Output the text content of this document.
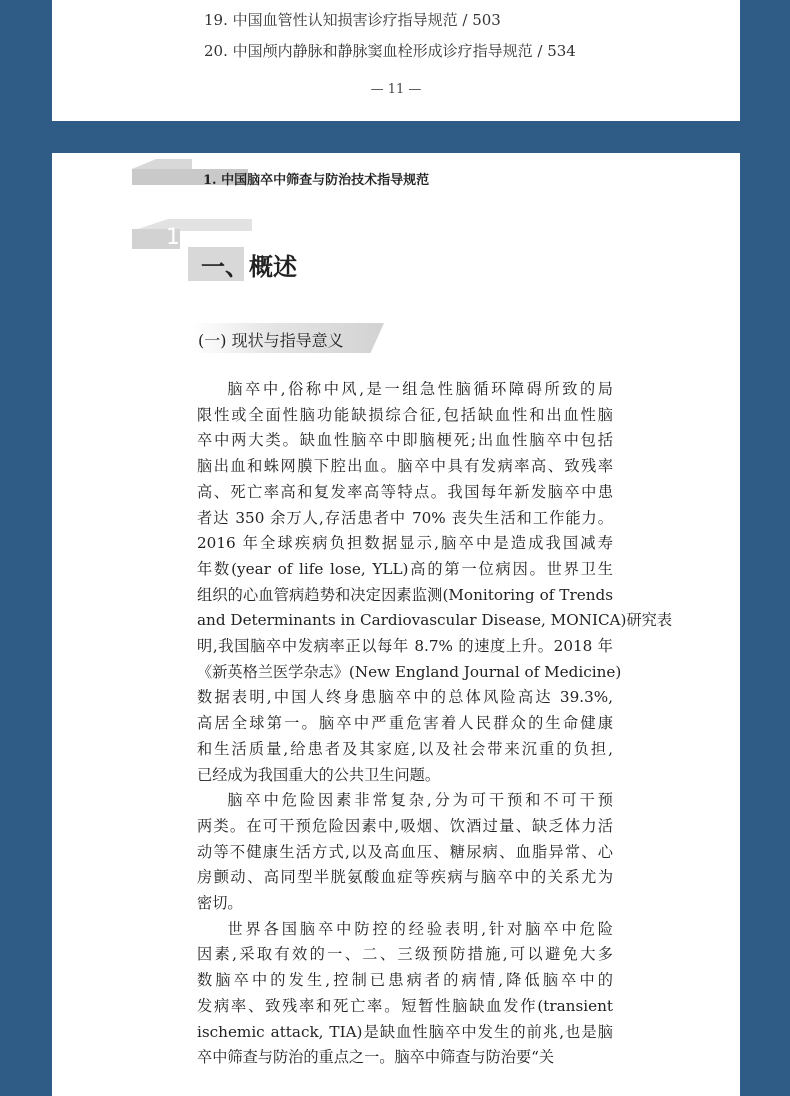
19. 中国血管性认知损害诊疗指导规范 / 503
20. 中国颅内静脉和静脉窦血栓形成诊疗指导规范 / 534
— 11 —
1. 中国脑卒中筛查与防治技术指导规范
1
一、概述
(一) 现状与指导意义
脑卒中,俗称中风,是一组急性脑循环障碍所致的局
限性或全面性脑功能缺损综合征,包括缺血性和出血性脑
卒中两大类。缺血性脑卒中即脑梗死;出血性脑卒中包括
脑出血和蛛网膜下腔出血。脑卒中具有发病率高、致残率
高、死亡率高和复发率高等特点。我国每年新发脑卒中患
者达 350 余万人,存活患者中 70% 丧失生活和工作能力。
2016 年全球疾病负担数据显示,脑卒中是造成我国减寿
年数(year of life lose, YLL)高的第一位病因。世界卫生
组织的心血管病趋势和决定因素监测(Monitoring of Trends
and Determinants in Cardiovascular Disease, MONICA)研究表
明,我国脑卒中发病率正以每年 8.7% 的速度上升。2018 年
《新英格兰医学杂志》(New England Journal of Medicine)
数据表明,中国人终身患脑卒中的总体风险高达 39.3%,
高居全球第一。脑卒中严重危害着人民群众的生命健康
和生活质量,给患者及其家庭,以及社会带来沉重的负担,
已经成为我国重大的公共卫生问题。
脑卒中危险因素非常复杂,分为可干预和不可干预
两类。在可干预危险因素中,吸烟、饮酒过量、缺乏体力活
动等不健康生活方式,以及高血压、糖尿病、血脂异常、心
房颤动、高同型半胱氨酸血症等疾病与脑卒中的关系尤为
密切。
世界各国脑卒中防控的经验表明,针对脑卒中危险
因素,采取有效的一、二、三级预防措施,可以避免大多
数脑卒中的发生,控制已患病者的病情,降低脑卒中的
发病率、致残率和死亡率。短暂性脑缺血发作(transient
ischemic attack, TIA)是缺血性脑卒中发生的前兆,也是脑
卒中筛查与防治的重点之一。脑卒中筛查与防治要“关
